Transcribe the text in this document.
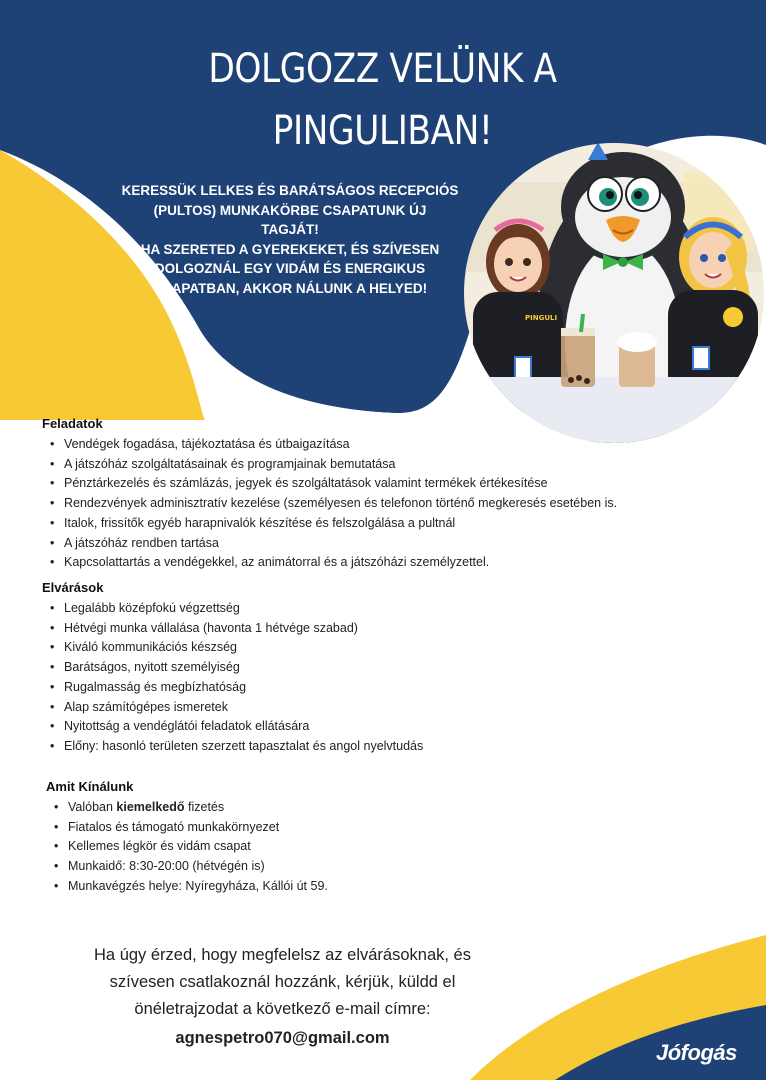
DOLGOZZ VELÜNK A
PINGULIBAN!

KERESSÜK LELKES ÉS BARÁTSÁGOS RECEPCIÓS

(PULTOS) MUNKAKÖRBE CSAPATUNK ÚJ

TAGJÁT!

HA SZERETED A GYEREKEKET, ÉS SZÍVESEN

DOLGOZNÁL EGY VIDÁM ÉS ENERGIKUS

CSAPATBAN, AKKOR NÁLUNK A HELYED!

PINGULI
Feladatok
• Vendégek fogadása, tájékoztatása és útbaigazítása
• A játszóház szolgáltatásainak és programjainak bemutatása
• Pénztárkezelés és számlázás, jegyek és szolgáltatások valamint termékek értékesítése
• Rendezvények adminisztratív kezelése (személyesen és telefonon történő megkeresés esetében is.
• Italok, frissítők egyéb harapnivalók készítése és felszolgálása a pultnál
• A játszóház rendben tartása
• Kapcsolattartás a vendégekkel, az animátorral és a játszóházi személyzettel.
Elvárások
• Legalább középfokú végzettség
• Hétvégi munka vállalása (havonta 1 hétvége szabad)
• Kiváló kommunikációs készség
• Barátságos, nyitott személyiség
• Rugalmasság és megbízhatóság
• Alap számítógépes ismeretek
• Nyitottság a vendéglátói feladatok ellátására
• Előny: hasonló területen szerzett tapasztalat és angol nyelvtudás
Amit Kínálunk
• Valóban kiemelkedő fizetés
• Fiatalos és támogató munkakörnyezet
• Kellemes légkör és vidám csapat
• Munkaidő: 8:30-20:00 (hétvégén is)
• Munkavégzés helye: Nyíregyháza, Kállói út 59.

Ha úgy érzed, hogy megfelelsz az elvárásoknak, és

szívesen csatlakoznál hozzánk, kérjük, küldd el

önéletrajzodat a következő e-mail címre:

agnespetro070@gmail.com

Jófogás
